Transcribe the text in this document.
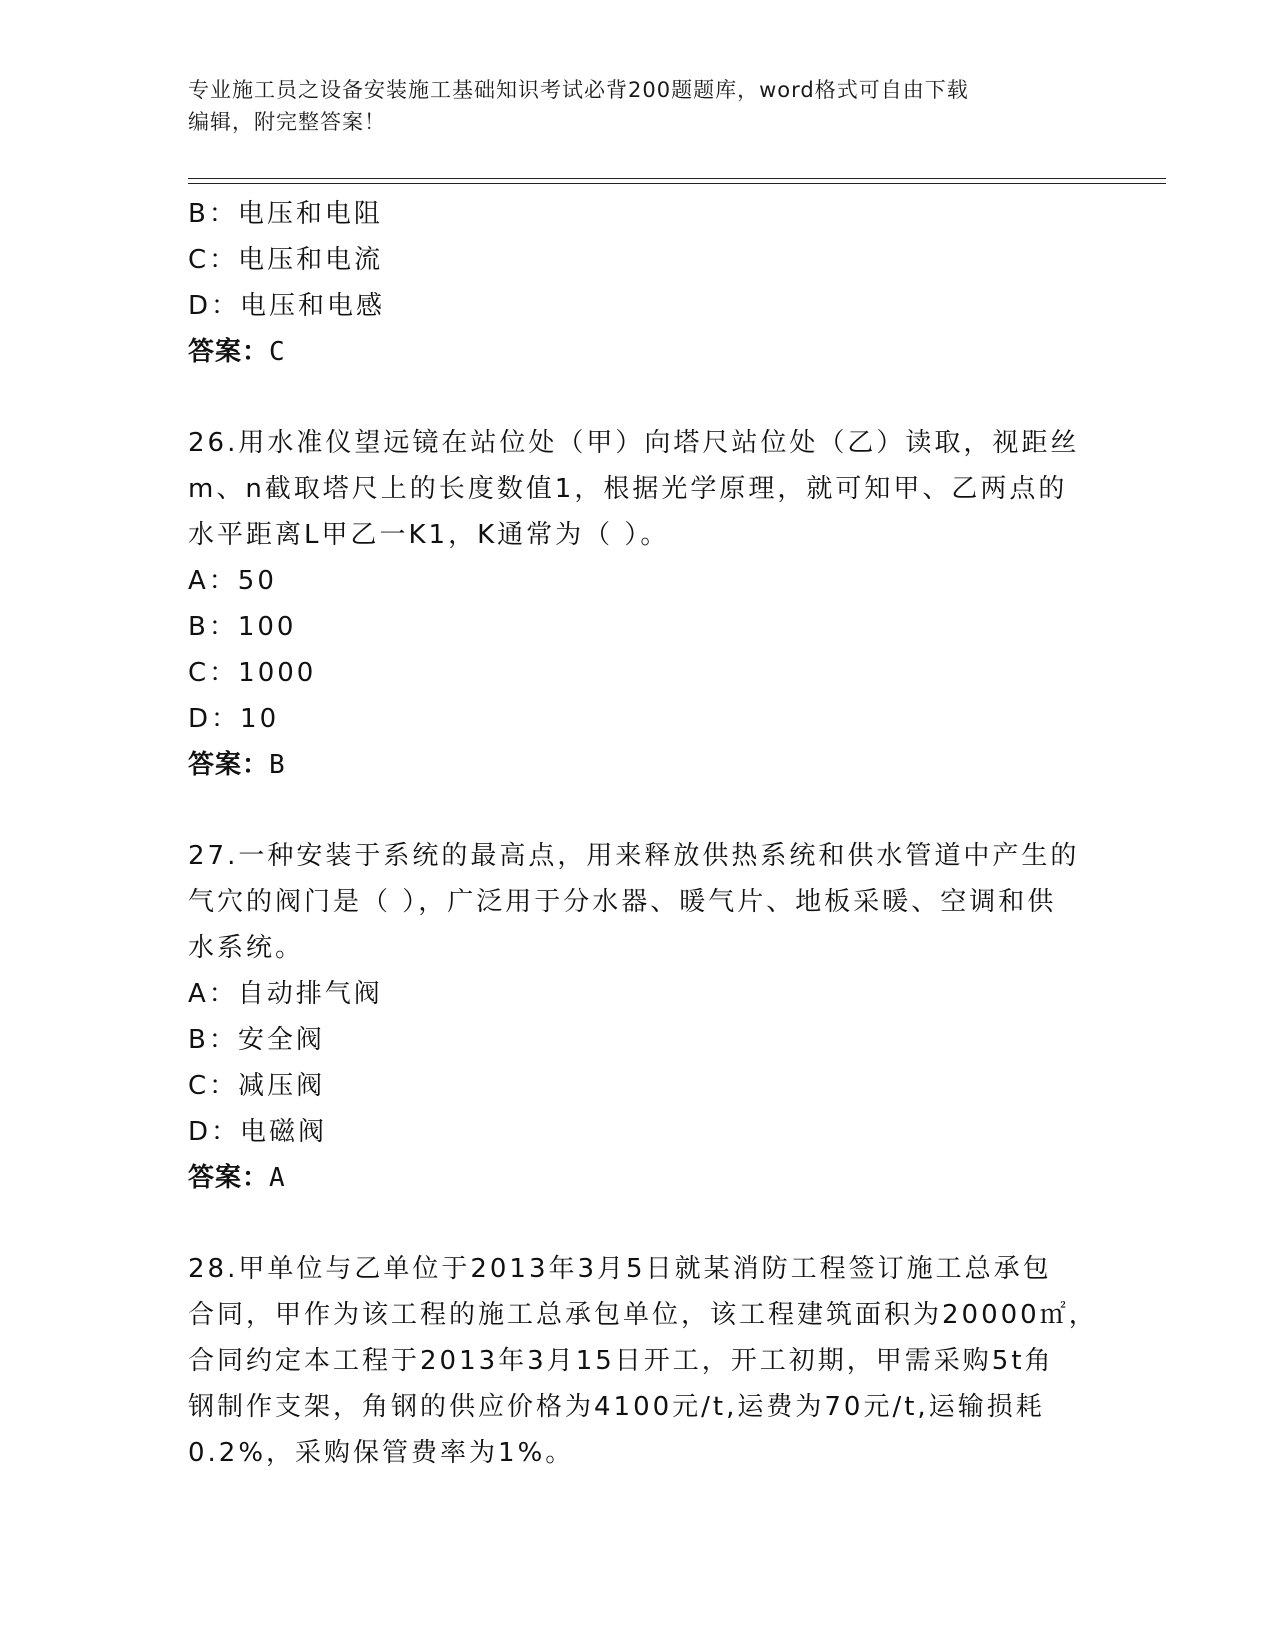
专业施工员之设备安装施工基础知识考试必背200题题库，word格式可自由下载
编辑，附完整答案！
B：电压和电阻
C：电压和电流
D：电压和电感
答案：C
26.用水准仪望远镜在站位处（甲）向塔尺站位处（乙）读取，视距丝
m、n截取塔尺上的长度数值1，根据光学原理，就可知甲、乙两点的
水平距离L甲乙一K1，K通常为（ ）。
A：50
B：100
C：1000
D：10
答案：B
27.一种安装于系统的最高点，用来释放供热系统和供水管道中产生的
气穴的阀门是（ ），广泛用于分水器、暖气片、地板采暖、空调和供
水系统。
A：自动排气阀
B：安全阀
C：减压阀
D：电磁阀
答案：A
28.甲单位与乙单位于2013年3月5日就某消防工程签订施工总承包
合同，甲作为该工程的施工总承包单位，该工程建筑面积为20000㎡，
合同约定本工程于2013年3月15日开工，开工初期，甲需采购5t角
钢制作支架，角钢的供应价格为4100元/t,运费为70元/t,运输损耗
0.2%，采购保管费率为1%。
